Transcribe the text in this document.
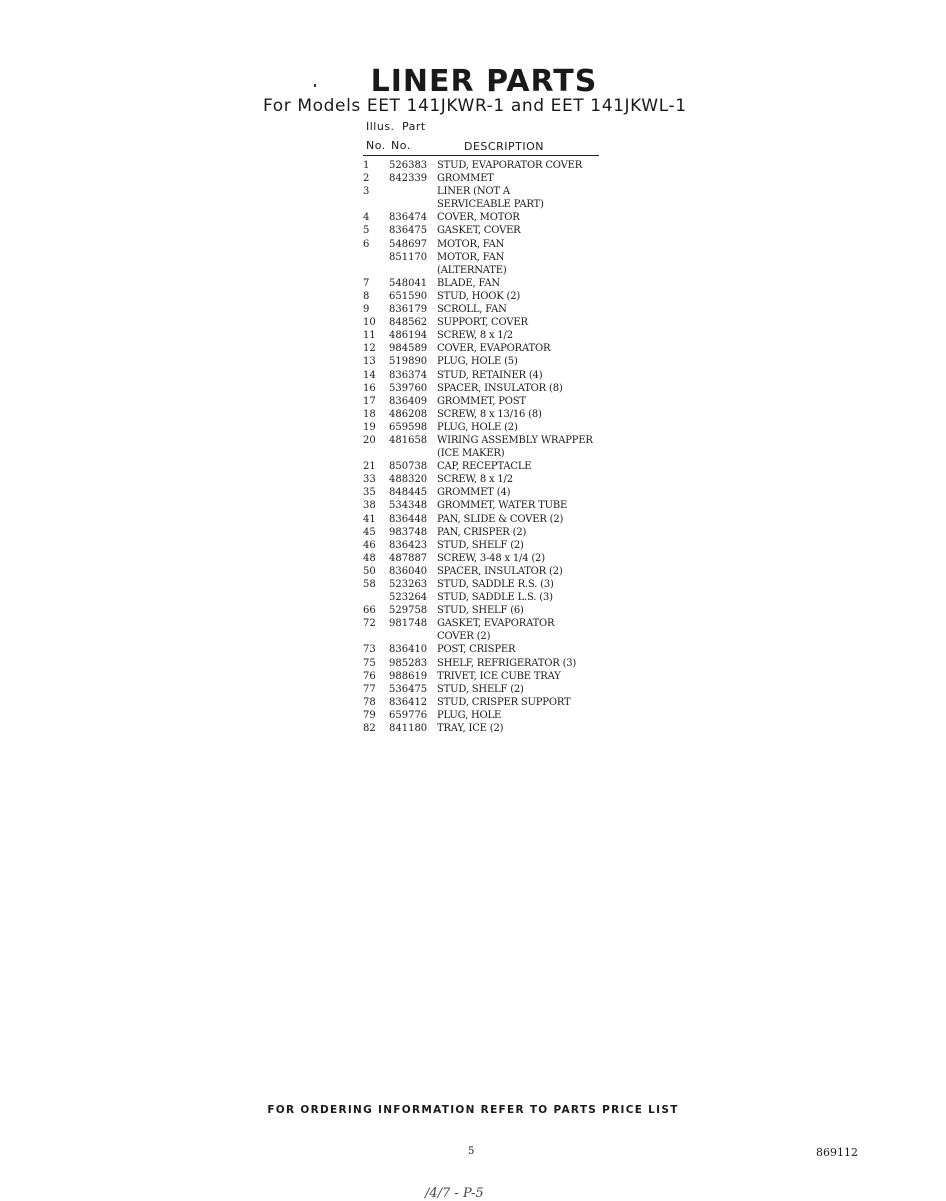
LINER PARTS
For Models EET 141JKWR-1 and EET 141JKWL-1
Illus. Part
No. No.	DESCRIPTION
1	526383 STUD, EVAPORATOR COVER
2	842339 GROMMET
3	LINER (NOT A
SERVICEABLE PART)
4	836474 COVER, MOTOR
5	836475 GASKET, COVER
6	548697 MOTOR, FAN
851170 MOTOR, FAN
(ALTERNATE)
7	548041 BLADE, FAN
8	651590 STUD, HOOK (2)
9	836179 SCROLL, FAN
10	848562 SUPPORT, COVER
11	486194 SCREW, 8 x 1/2
12	984589 COVER, EVAPORATOR
13	519890 PLUG, HOLE (5)
14	836374 STUD, RETAINER (4)
16	539760 SPACER, INSULATOR (8)
17	836409 GROMMET, POST
18	486208 SCREW, 8 x 13/16 (8)
19	659598 PLUG, HOLE (2)
20	481658 WIRING ASSEMBLY WRAPPER
(ICE MAKER)
21	850738 CAP, RECEPTACLE
33	488320 SCREW, 8 x 1/2
35	848445 GROMMET (4)
38	534348 GROMMET, WATER TUBE
41	836448 PAN, SLIDE & COVER (2)
45	983748 PAN, CRISPER (2)
46	836423 STUD, SHELF (2)
48	487887 SCREW, 3-48 x 1/4 (2)
50	836040 SPACER, INSULATOR (2)
58	523263 STUD, SADDLE R.S. (3)
523264 STUD, SADDLE L.S. (3)
66	529758 STUD, SHELF (6)
72	981748 GASKET, EVAPORATOR
COVER (2)
73	836410 POST, CRISPER
75	985283 SHELF, REFRIGERATOR (3)
76	988619 TRIVET, ICE CUBE TRAY
77	536475 STUD, SHELF (2)
78	836412 STUD, CRISPER SUPPORT
79	659776 PLUG, HOLE
82	841180 TRAY, ICE (2)
FOR ORDERING INFORMATION REFER TO PARTS PRICE LIST
5	869112
/4/7 - P-5
